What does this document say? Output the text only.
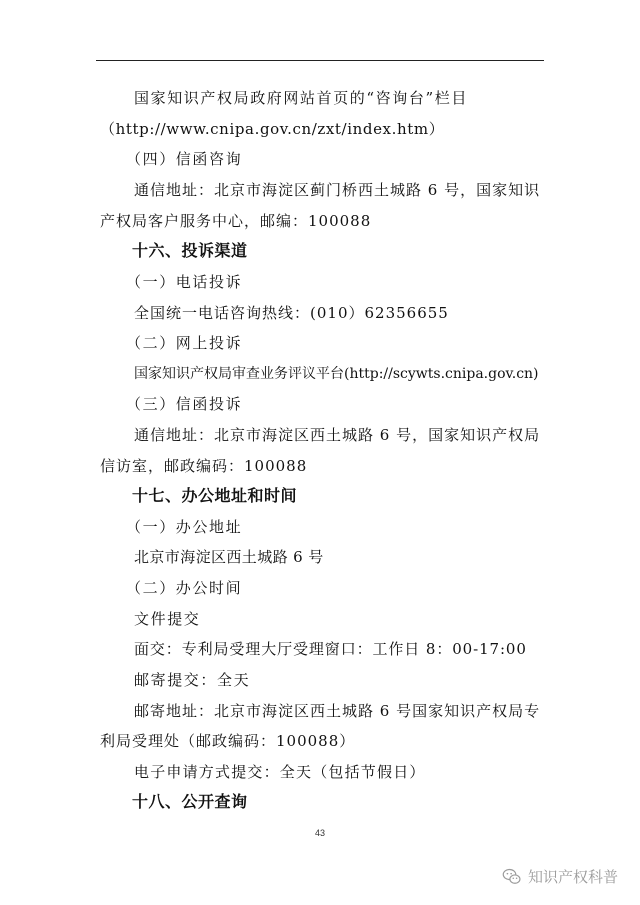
国家知识产权局政府网站首页的“咨询台”栏目
（http://www.cnipa.gov.cn/zxt/index.htm）
（四）信函咨询
通信地址：北京市海淀区蓟门桥西土城路 6 号，国家知识
产权局客户服务中心，邮编：100088
十六、投诉渠道
（一）电话投诉
全国统一电话咨询热线：(010）62356655
（二）网上投诉
国家知识产权局审查业务评议平台(http://scywts.cnipa.gov.cn)
（三）信函投诉
通信地址：北京市海淀区西土城路 6 号，国家知识产权局
信访室，邮政编码：100088
十七、办公地址和时间
（一）办公地址
北京市海淀区西土城路 6 号
（二）办公时间
文件提交
面交：专利局受理大厅受理窗口：工作日 8：00-17:00
邮寄提交：全天
邮寄地址：北京市海淀区西土城路 6 号国家知识产权局专
利局受理处（邮政编码：100088）
电子申请方式提交：全天（包括节假日）
十八、公开查询
43
知识产权科普
